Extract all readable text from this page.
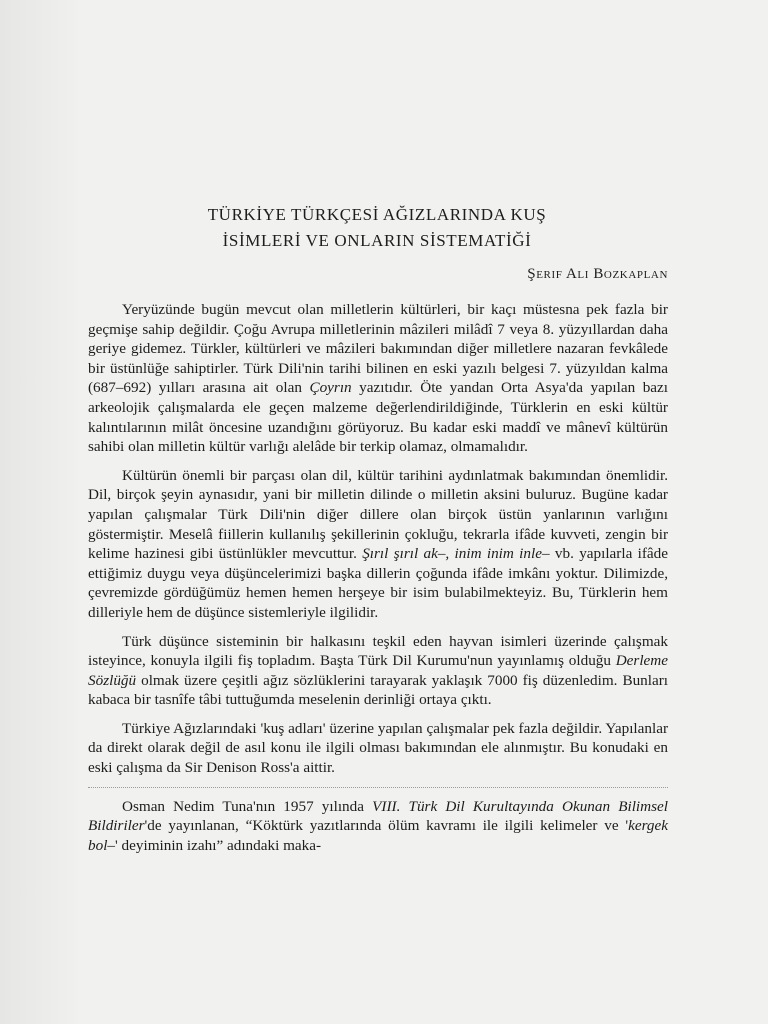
TÜRKİYE TÜRKÇESİ AĞIZLARINDA KUŞ
İSİMLERİ VE ONLARIN SİSTEMATİĞİ

Şerif Ali Bozkaplan

Yeryüzünde bugün mevcut olan milletlerin kültürleri, bir kaçı müstesna pek fazla bir geçmişe sahip değildir. Çoğu Avrupa milletlerinin mâzileri milâdî 7 veya 8. yüzyıllardan daha geriye gidemez. Türkler, kültürleri ve mâzileri bakımından diğer milletlere nazaran fevkâlede bir üstünlüğe sahiptirler. Türk Dili'nin tarihi bilinen en eski yazılı belgesi 7. yüzyıldan kalma (687–692) yılları arasına ait olan Çoyrın yazıtıdır. Öte yandan Orta Asya'da yapılan bazı arkeolojik çalışmalarda ele geçen malzeme değerlendirildiğinde, Türklerin en eski kültür kalıntılarının milât öncesine uzandığını görüyoruz. Bu kadar eski maddî ve mânevî kültürün sahibi olan milletin kültür varlığı alelâde bir terkip olamaz, olmamalıdır.

Kültürün önemli bir parçası olan dil, kültür tarihini aydınlatmak bakımından önemlidir. Dil, birçok şeyin aynasıdır, yani bir milletin dilinde o milletin aksini buluruz. Bugüne kadar yapılan çalışmalar Türk Dili'nin diğer dillere olan birçok üstün yanlarının varlığını göstermiştir. Meselâ fiillerin kullanılış şekillerinin çokluğu, tekrarla ifâde kuvveti, zengin bir kelime hazinesi gibi üstünlükler mevcuttur. Şırıl şırıl ak–, inim inim inle– vb. yapılarla ifâde ettiğimiz duygu veya düşüncelerimizi başka dillerin çoğunda ifâde imkânı yoktur. Dilimizde, çevremizde gördüğümüz hemen hemen herşeye bir isim bulabilmekteyiz. Bu, Türklerin hem dilleriyle hem de düşünce sistemleriyle ilgilidir.

Türk düşünce sisteminin bir halkasını teşkil eden hayvan isimleri üzerinde çalışmak isteyince, konuyla ilgili fiş topladım. Başta Türk Dil Kurumu'nun yayınlamış olduğu Derleme Sözlüğü olmak üzere çeşitli ağız sözlüklerini tarayarak yaklaşık 7000 fiş düzenledim. Bunları kabaca bir tasnîfe tâbi tuttuğumda meselenin derinliği ortaya çıktı.

Türkiye Ağızlarındaki 'kuş adları' üzerine yapılan çalışmalar pek fazla değildir. Yapılanlar da direkt olarak değil de asıl konu ile ilgili olması bakımından ele alınmıştır. Bu konudaki en eski çalışma da Sir Denison Ross'a aittir.

Osman Nedim Tuna'nın 1957 yılında VIII. Türk Dil Kurultayında Okunan Bilimsel Bildiriler'de yayınlanan, “Köktürk yazıtlarında ölüm kavramı ile ilgili kelimeler ve 'kergek bol–' deyiminin izahı” adındaki maka-
